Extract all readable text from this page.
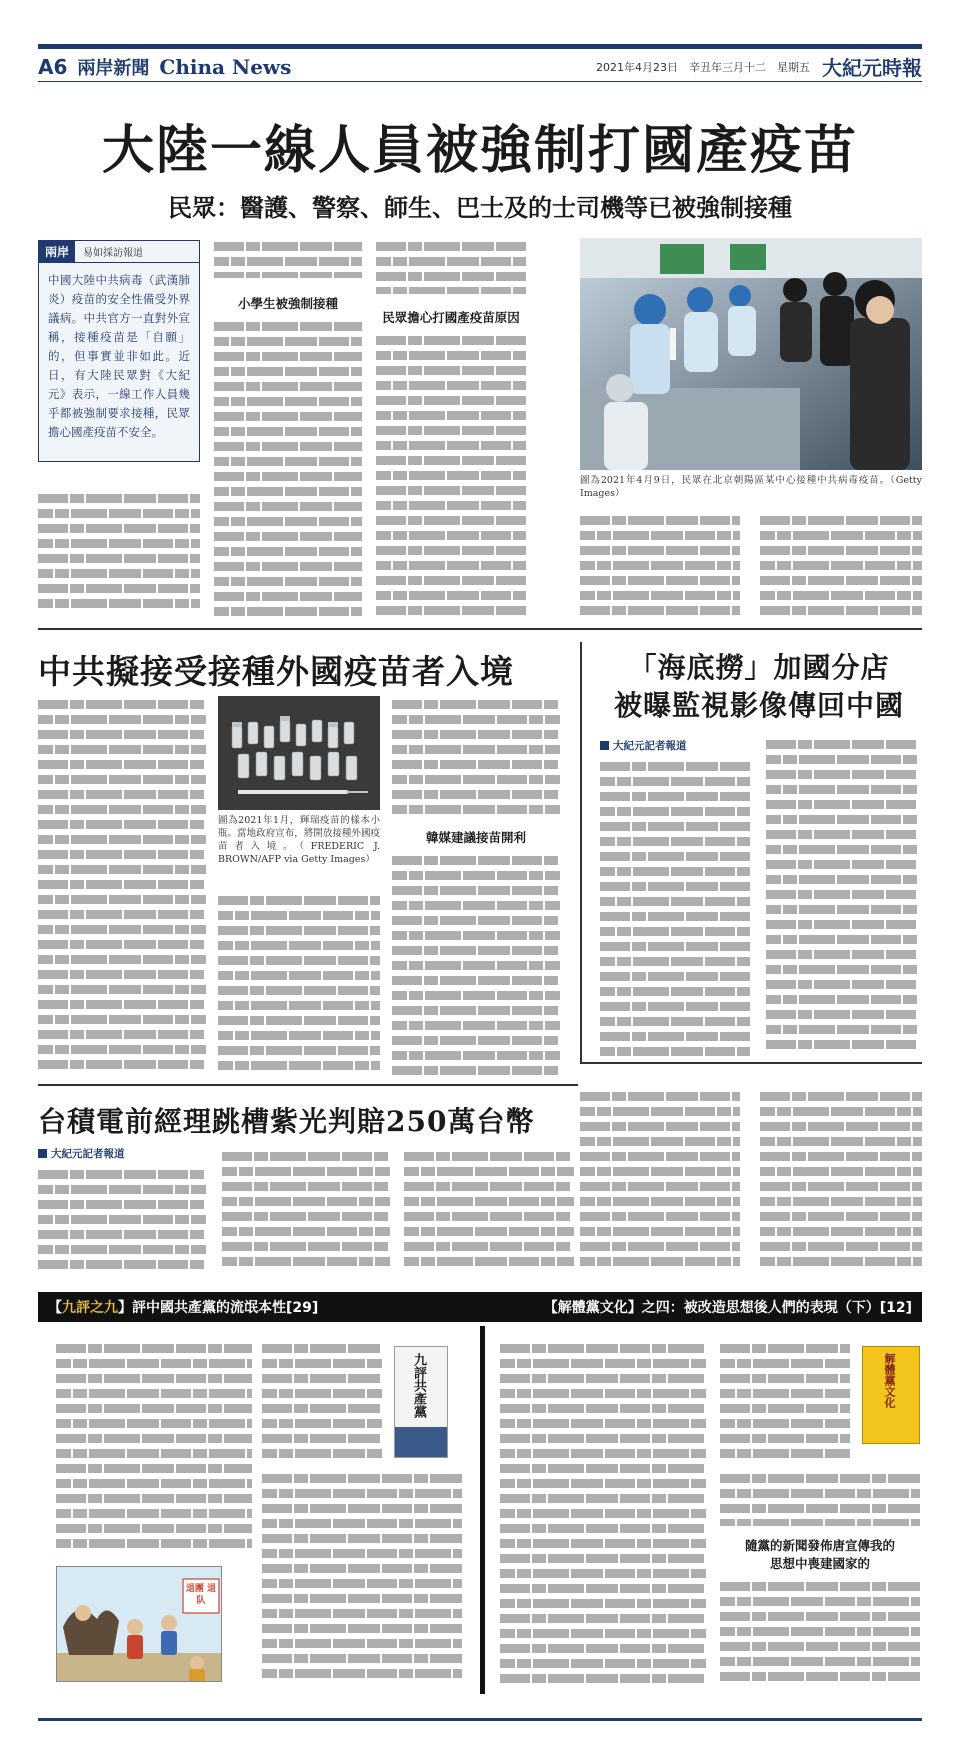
A6 兩岸新聞 China News	2021年4月23日　辛丑年三月十二　星期五 大紀元時報
大陸一線人員被強制打國產疫苗
民眾：醫護、警察、師生、巴士及的士司機等已被強制接種
兩岸	易如採訪報道
中國大陸中共病毒（武漢肺炎）疫苗的安全性備受外界議病。中共官方一直對外宣稱，接種疫苗是「自願」的，但事實並非如此。近日，有大陸民眾對《大紀元》表示，一線工作人員幾乎都被強制要求接種，民眾擔心國產疫苗不安全。
小學生被強制接種
民眾擔心打國產疫苗原因
圖為2021年4月9日，民眾在北京朝陽區某中心接種中共病毒疫苗。（Getty Images）
中共擬接受接種外國疫苗者入境
圖為2021年1月，輝瑞疫苗的樣本小瓶。當地政府宣布，將開放接種外國疫苗者入境。（FREDERIC J. BROWN/AFP via Getty Images）
韓媒建議接苗開利
「海底撈」加國分店
被曝監視影像傳回中國
大紀元記者報道
台積電前經理跳槽紫光判賠250萬台幣
大紀元記者報道
【九評之九】評中國共產黨的流氓本性[29]	【解體黨文化】之四：被改造思想後人們的表現（下）[12]
退團 退队
九評共產黨	解體黨文化
隨黨的新聞發佈唐宣傳我的
思想中喪建國家的
